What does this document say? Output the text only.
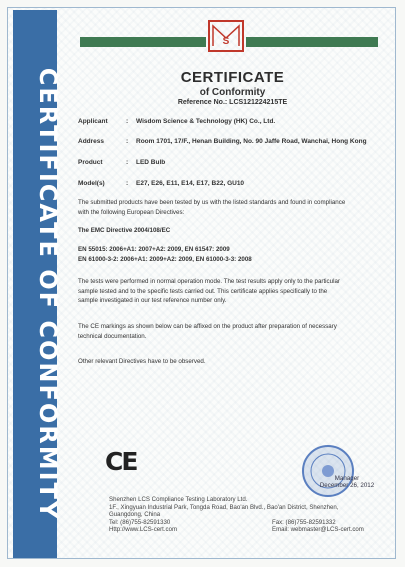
CERTIFICATE OF CONFORMITY
S
CERTIFICATE
of Conformity
Reference No.: LCS121224215TE
Applicant	: Wisdom Science & Technology (HK) Co., Ltd.
Address	: Room 1701, 17/F., Henan Building, No. 90 Jaffe Road, Wanchai, Hong Kong
Product	: LED Bulb
Model(s)	: E27, E26, E11, E14, E17, B22, GU10
The submitted products have been tested by us with the listed standards and found in compliance
with the following European Directives:
The EMC Directive 2004/108/EC
EN 55015: 2006+A1: 2007+A2: 2009, EN 61547: 2009
EN 61000-3-2: 2006+A1: 2009+A2: 2009, EN 61000-3-3: 2008
The tests were performed in normal operation mode. The test results apply only to the particular
sample tested and to the specific tests carried out. This certificate applies specifically to the
sample investigated in our test reference number only.
The CE markings as shown below can be affixed on the product after preparation of necessary
technical documentation.
Other relevant Directives have to be observed.
CE
Manager
December 26, 2012
Shenzhen LCS Compliance Testing Laboratory Ltd.
1F., Xingyuan Industrial Park, Tongda Road, Bao'an Blvd., Bao'an District, Shenzhen,
Guangdong, China
Tel: (86)755-82591330	Fax: (86)755-82591332
Http://www.LCS-cert.com	Email: webmaster@LCS-cert.com
